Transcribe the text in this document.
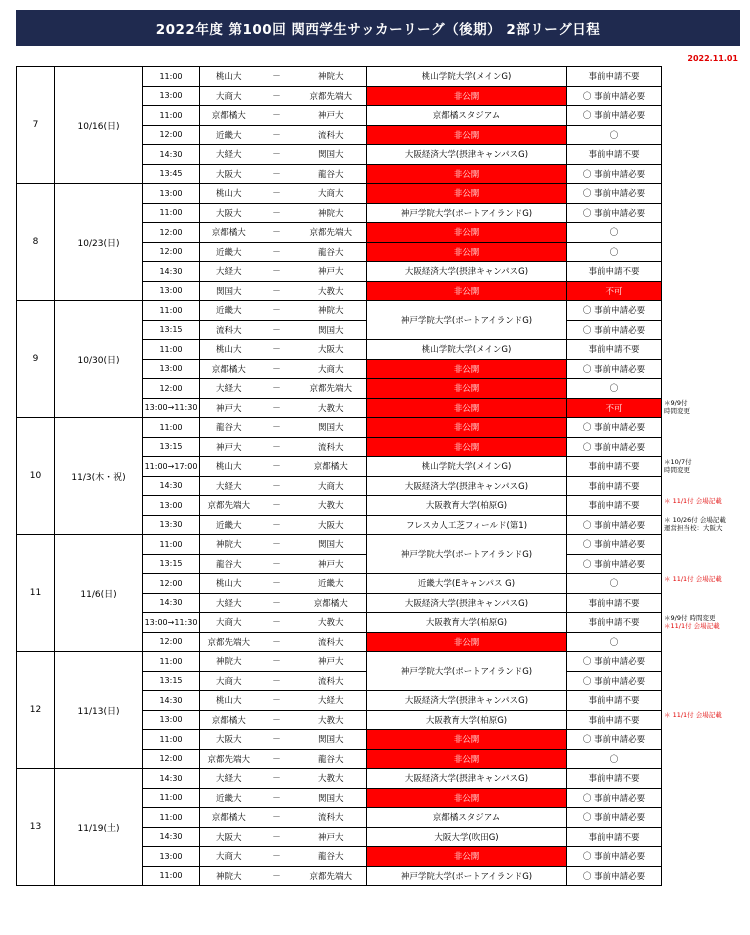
2022年度 第100回 関西学生サッカーリーグ（後期） 2部リーグ日程
2022.11.01
7	10/16(日)	11:00	桃山大	－	神院大	桃山学院大学(メインG)	事前申請不要
		13:00	大商大	－	京都先端大	非公開	〇 事前申請必要
		11:00	京都橘大	－	神戸大	京都橘スタジアム	〇 事前申請必要
		12:00	近畿大	－	流科大	非公開	〇
		14:30	大経大	－	関国大	大阪経済大学(摂津キャンパスG)	事前申請不要
		13:45	大阪大	－	龍谷大	非公開	〇 事前申請必要
8	10/23(日)	13:00	桃山大	－	大商大	非公開	〇 事前申請必要
		11:00	大阪大	－	神院大	神戸学院大学(ポートアイランドG)	〇 事前申請必要
		12:00	京都橘大	－	京都先端大	非公開	〇
		12:00	近畿大	－	龍谷大	非公開	〇
		14:30	大経大	－	神戸大	大阪経済大学(摂津キャンパスG)	事前申請不要
		13:00	関国大	－	大教大	非公開	不可
9	10/30(日)	11:00	近畿大	－	神院大	神戸学院大学(ポートアイランドG)	〇 事前申請必要
		13:15	流科大	－	関国大		〇 事前申請必要
		11:00	桃山大	－	大阪大	桃山学院大学(メインG)	事前申請不要
		13:00	京都橘大	－	大商大	非公開	〇 事前申請必要
		12:00	大経大	－	京都先端大	非公開	〇
		13:00→11:30	神戸大	－	大教大	非公開	不可
10	11/3(木・祝)	11:00	龍谷大	－	関国大	非公開	〇 事前申請必要
		13:15	神戸大	－	流科大	非公開	〇 事前申請必要
		11:00→17:00	桃山大	－	京都橘大	桃山学院大学(メインG)	事前申請不要
		14:30	大経大	－	大商大	大阪経済大学(摂津キャンパスG)	事前申請不要
		13:00	京都先端大	－	大教大	大阪教育大学(柏原G)	事前申請不要
		13:30	近畿大	－	大阪大	フレスカ人工芝フィールド(第1)	〇 事前申請必要
11	11/6(日)	11:00	神院大	－	関国大	神戸学院大学(ポートアイランドG)	〇 事前申請必要
		13:15	龍谷大	－	神戸大		〇 事前申請必要
		12:00	桃山大	－	近畿大	近畿大学(Eキャンパス G)	〇
		14:30	大経大	－	京都橘大	大阪経済大学(摂津キャンパスG)	事前申請不要
		13:00→11:30	大商大	－	大教大	大阪教育大学(柏原G)	事前申請不要
		12:00	京都先端大	－	流科大	非公開	〇
12	11/13(日)	11:00	神院大	－	神戸大	神戸学院大学(ポートアイランドG)	〇 事前申請必要
		13:15	大商大	－	流科大		〇 事前申請必要
		14:30	桃山大	－	大経大	大阪経済大学(摂津キャンパスG)	事前申請不要
		13:00	京都橘大	－	大教大	大阪教育大学(柏原G)	事前申請不要
		11:00	大阪大	－	関国大	非公開	〇 事前申請必要
		12:00	京都先端大	－	龍谷大	非公開	〇
13	11/19(土)	14:30	大経大	－	大教大	大阪経済大学(摂津キャンパスG)	事前申請不要
		11:00	近畿大	－	関国大	非公開	〇 事前申請必要
		11:00	京都橘大	－	流科大	京都橘スタジアム	〇 事前申請必要
		14:30	大阪大	－	神戸大	大阪大学(吹田G)	事前申請不要
		13:00	大商大	－	龍谷大	非公開	〇 事前申請必要
		11:00	神院大	－	京都先端大	神戸学院大学(ポートアイランドG)	〇 事前申請必要
＊9/9付
時間変更
＊10/7付
時間変更
＊ 11/1付 会場記載
＊ 10/26付 会場記載
運営担当校：大阪大
＊ 11/1付 会場記載
＊9/9付 時間変更
＊11/1付 会場記載
＊ 11/1付 会場記載
